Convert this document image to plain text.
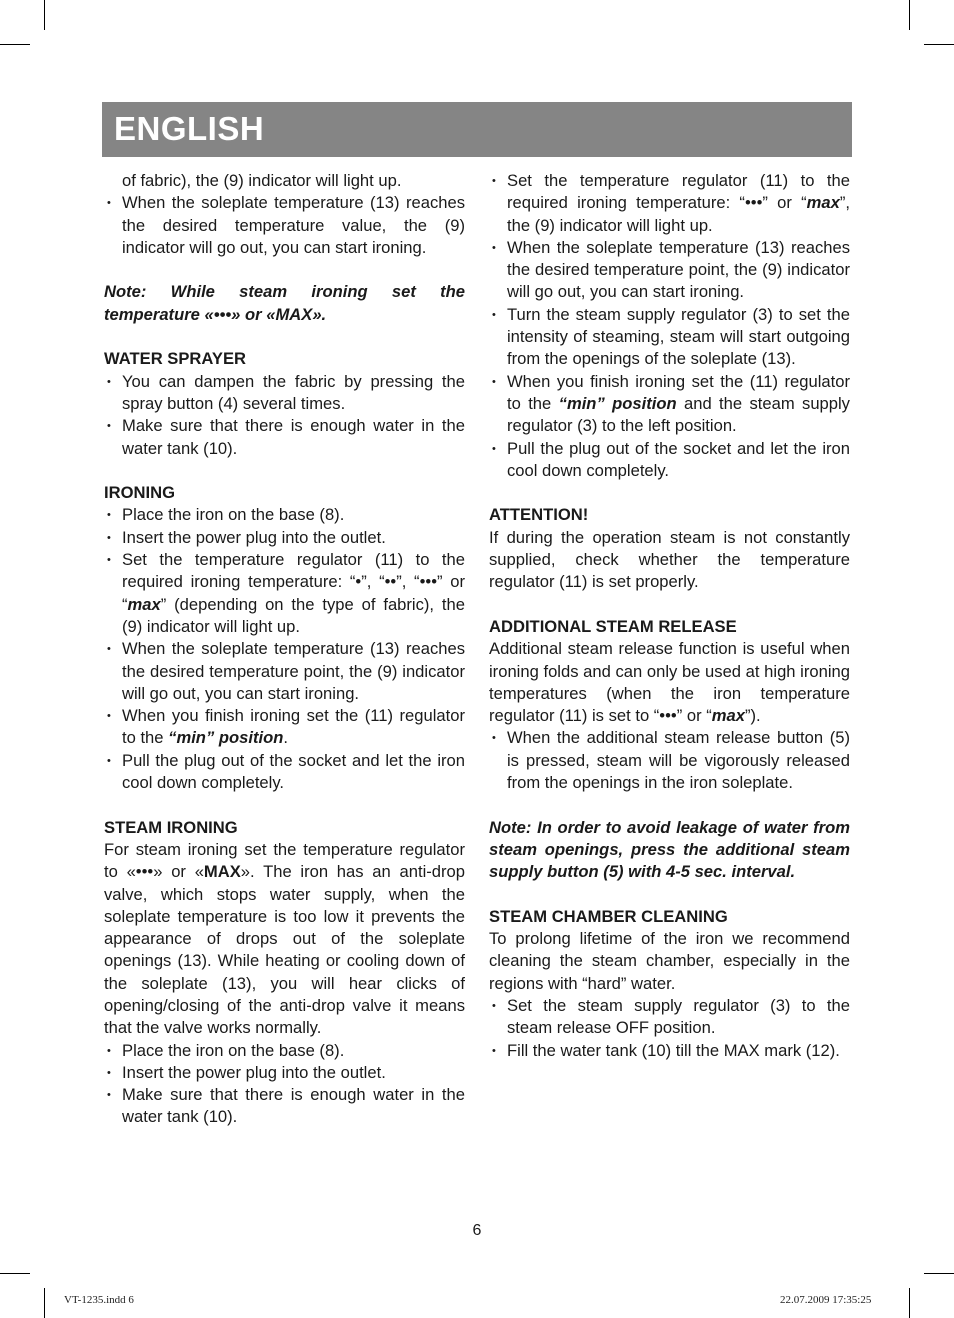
ENGLISH
of fabric), the (9) indicator will light up.
• When the soleplate temperature (13) reaches the desired temperature value, the (9) indicator will go out, you can start ironing.
Note: While steam ironing set the temperature «•••» or «MAX».
WATER SPRAYER
• You can dampen the fabric by pressing the spray button (4) several times.
• Make sure that there is enough water in the water tank (10).
IRONING
• Place the iron on the base (8).
• Insert the power plug into the outlet.
• Set the temperature regulator (11) to the required ironing temperature: “•”, “••”, “•••” or “max” (depending on the type of fabric), the (9) indicator will light up.
• When the soleplate temperature (13) reaches the desired temperature point, the (9) indicator will go out, you can start ironing.
• When you finish ironing set the (11) regulator to the “min” position.
• Pull the plug out of the socket and let the iron cool down completely.
STEAM IRONING
For steam ironing set the temperature regulator to «•••» or «MAX». The iron has an anti-drop valve, which stops water supply, when the soleplate temperature is too low it prevents the appearance of drops out of the soleplate openings (13). While heating or cooling down of the soleplate (13), you will hear clicks of opening/closing of the anti-drop valve it means that the valve works normally.
• Place the iron on the base (8).
• Insert the power plug into the outlet.
• Make sure that there is enough water in the water tank (10).
• Set the temperature regulator (11) to the required ironing temperature: “•••” or “max”, the (9) indicator will light up.
• When the soleplate temperature (13) reaches the desired temperature point, the (9) indicator will go out, you can start ironing.
• Turn the steam supply regulator (3) to set the intensity of steaming, steam will start outgoing from the openings of the soleplate (13).
• When you finish ironing set the (11) regulator to the “min” position and the steam supply regulator (3) to the left position.
• Pull the plug out of the socket and let the iron cool down completely.
ATTENTION!
If during the operation steam is not constantly supplied, check whether the temperature regulator (11) is set properly.
ADDITIONAL STEAM RELEASE
Additional steam release function is useful when ironing folds and can only be used at high ironing temperatures (when the iron temperature regulator (11) is set to “•••” or “max”).
• When the additional steam release button (5) is pressed, steam will be vigorously released from the openings in the iron soleplate.
Note: In order to avoid leakage of water from steam openings, press the additional steam supply button (5) with 4-5 sec. interval.
STEAM CHAMBER CLEANING
To prolong lifetime of the iron we recommend cleaning the steam chamber, especially in the regions with “hard” water.
• Set the steam supply regulator (3) to the steam release OFF position.
• Fill the water tank (10) till the MAX mark (12).
6
VT-1235.indd 6	22.07.2009 17:35:25
